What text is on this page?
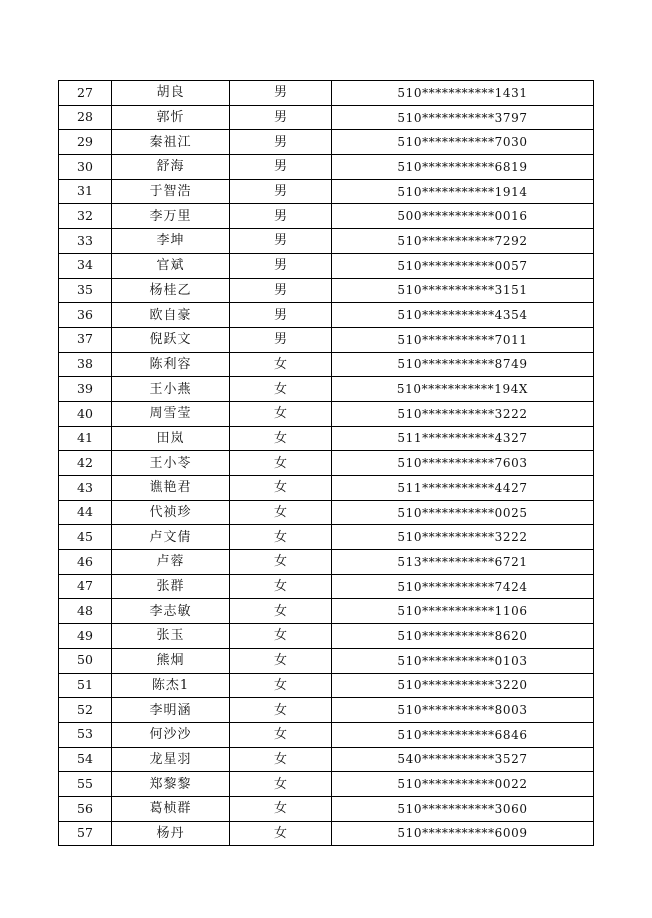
27	胡良	男	510***********1431
28	郭忻	男	510***********3797
29	秦祖江	男	510***********7030
30	舒海	男	510***********6819
31	于智浩	男	510***********1914
32	李万里	男	500***********0016
33	李坤	男	510***********7292
34	官斌	男	510***********0057
35	杨桂乙	男	510***********3151
36	欧自豪	男	510***********4354
37	倪跃文	男	510***********7011
38	陈利容	女	510***********8749
39	王小燕	女	510***********194X
40	周雪莹	女	510***********3222
41	田岚	女	511***********4327
42	王小苓	女	510***********7603
43	谯艳君	女	511***********4427
44	代祯珍	女	510***********0025
45	卢文倩	女	510***********3222
46	卢蓉	女	513***********6721
47	张群	女	510***********7424
48	李志敏	女	510***********1106
49	张玉	女	510***********8620
50	熊炯	女	510***********0103
51	陈杰1	女	510***********3220
52	李明涵	女	510***********8003
53	何沙沙	女	510***********6846
54	龙星羽	女	540***********3527
55	郑黎黎	女	510***********0022
56	葛桢群	女	510***********3060
57	杨丹	女	510***********6009
